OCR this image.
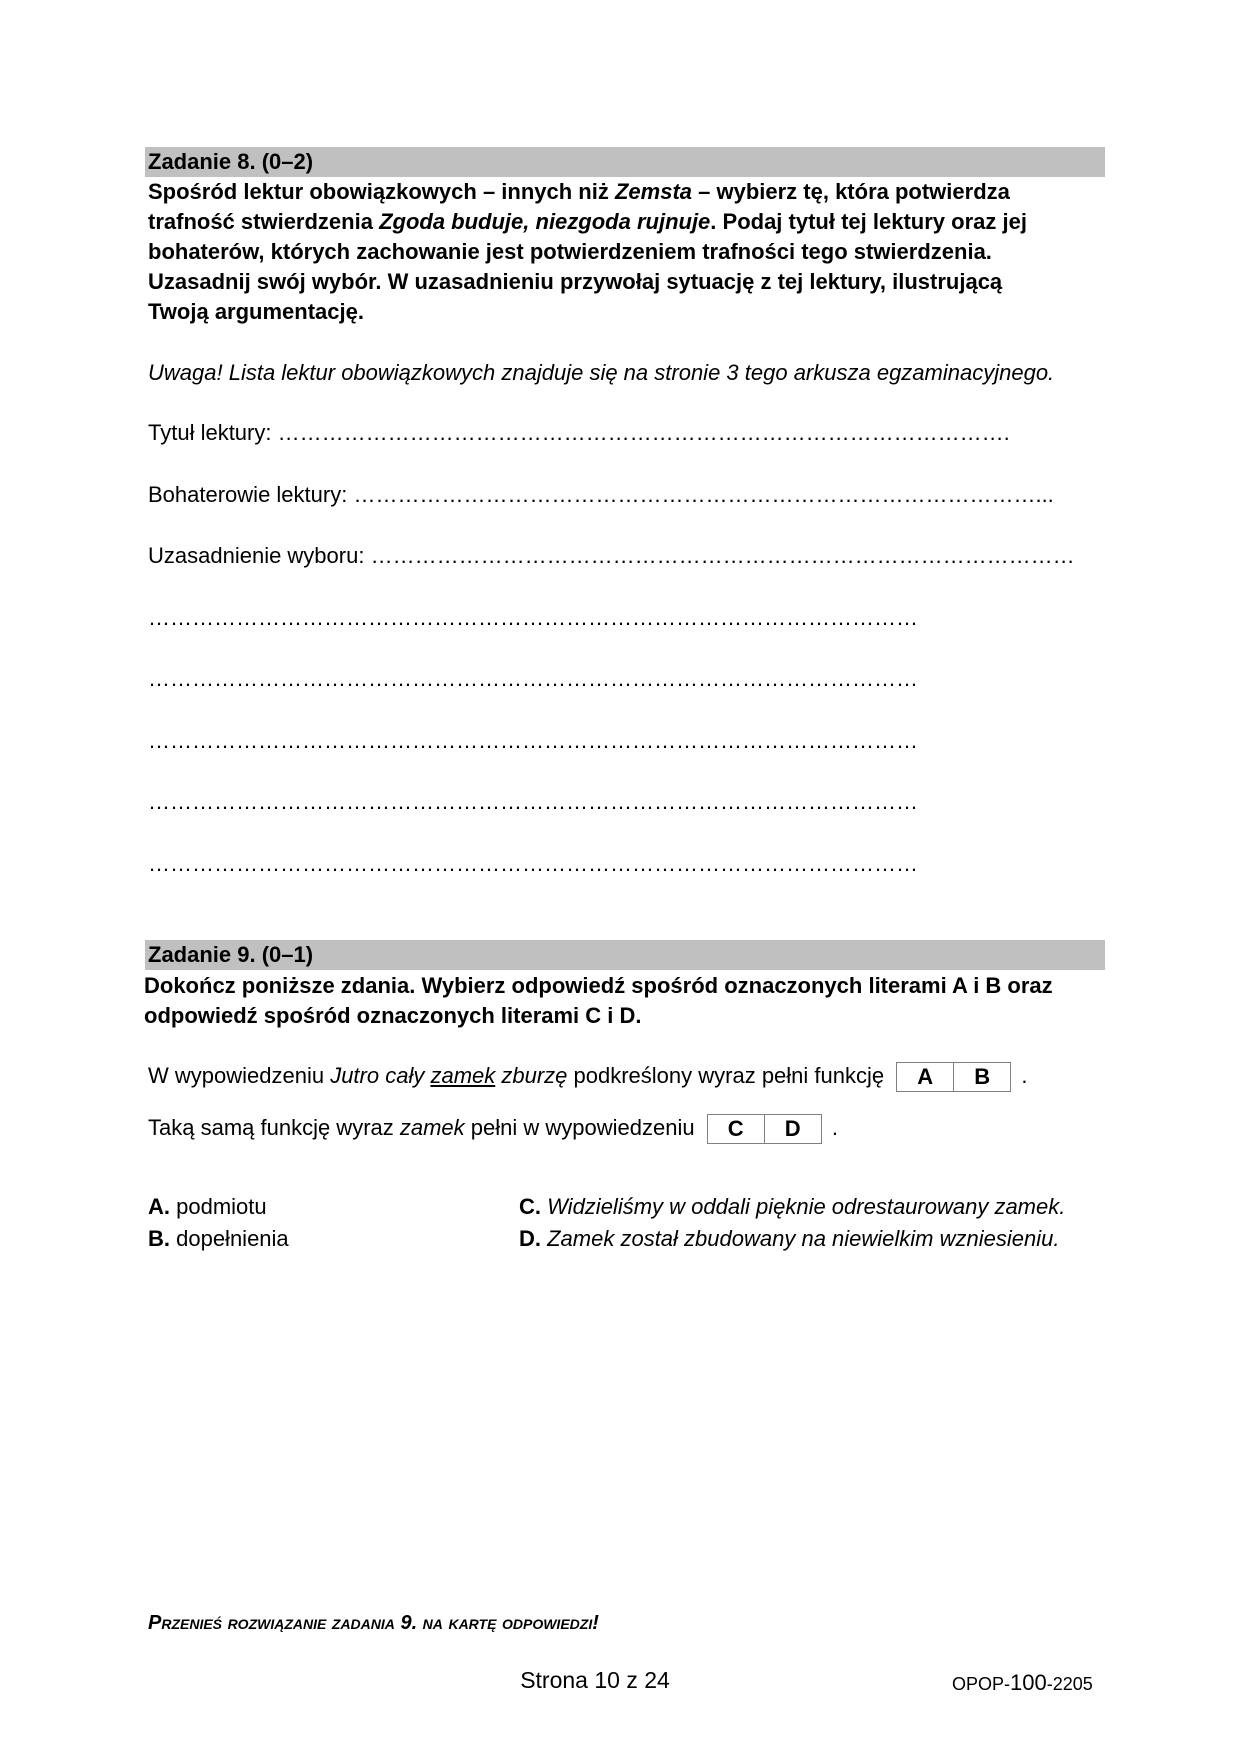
Zadanie 8. (0–2)
Spośród lektur obowiązkowych – innych niż Zemsta – wybierz tę, która potwierdza
trafność stwierdzenia Zgoda buduje, niezgoda rujnuje. Podaj tytuł tej lektury oraz jej
bohaterów, których zachowanie jest potwierdzeniem trafności tego stwierdzenia.
Uzasadnij swój wybór. W uzasadnieniu przywołaj sytuację z tej lektury, ilustrującą
Twoją argumentację.
Uwaga! Lista lektur obowiązkowych znajduje się na stronie 3 tego arkusza egzaminacyjnego.
Tytuł lektury: ……………………………………………………………………………………….
Bohaterowie lektury: …………………………………………………………………………………...
Uzasadnienie wyboru: ……………………………………………………………………………………
……………………………………………………………………………………………
……………………………………………………………………………………………
……………………………………………………………………………………………
……………………………………………………………………………………………
……………………………………………………………………………………………
Zadanie 9. (0–1)
Dokończ poniższe zdania. Wybierz odpowiedź spośród oznaczonych literami A i B oraz
odpowiedź spośród oznaczonych literami C i D.
W wypowiedzeniu Jutro cały zamek zburzę podkreślony wyraz pełni funkcję A B .
Taką samą funkcję wyraz zamek pełni w wypowiedzeniu C D .
A. podmiotu
B. dopełnienia
C. Widzieliśmy w oddali pięknie odrestaurowany zamek.
D. Zamek został zbudowany na niewielkim wzniesieniu.
Przenieś rozwiązanie zadania 9. na kartę odpowiedzi!
Strona 10 z 24	OPOP-100-2205
